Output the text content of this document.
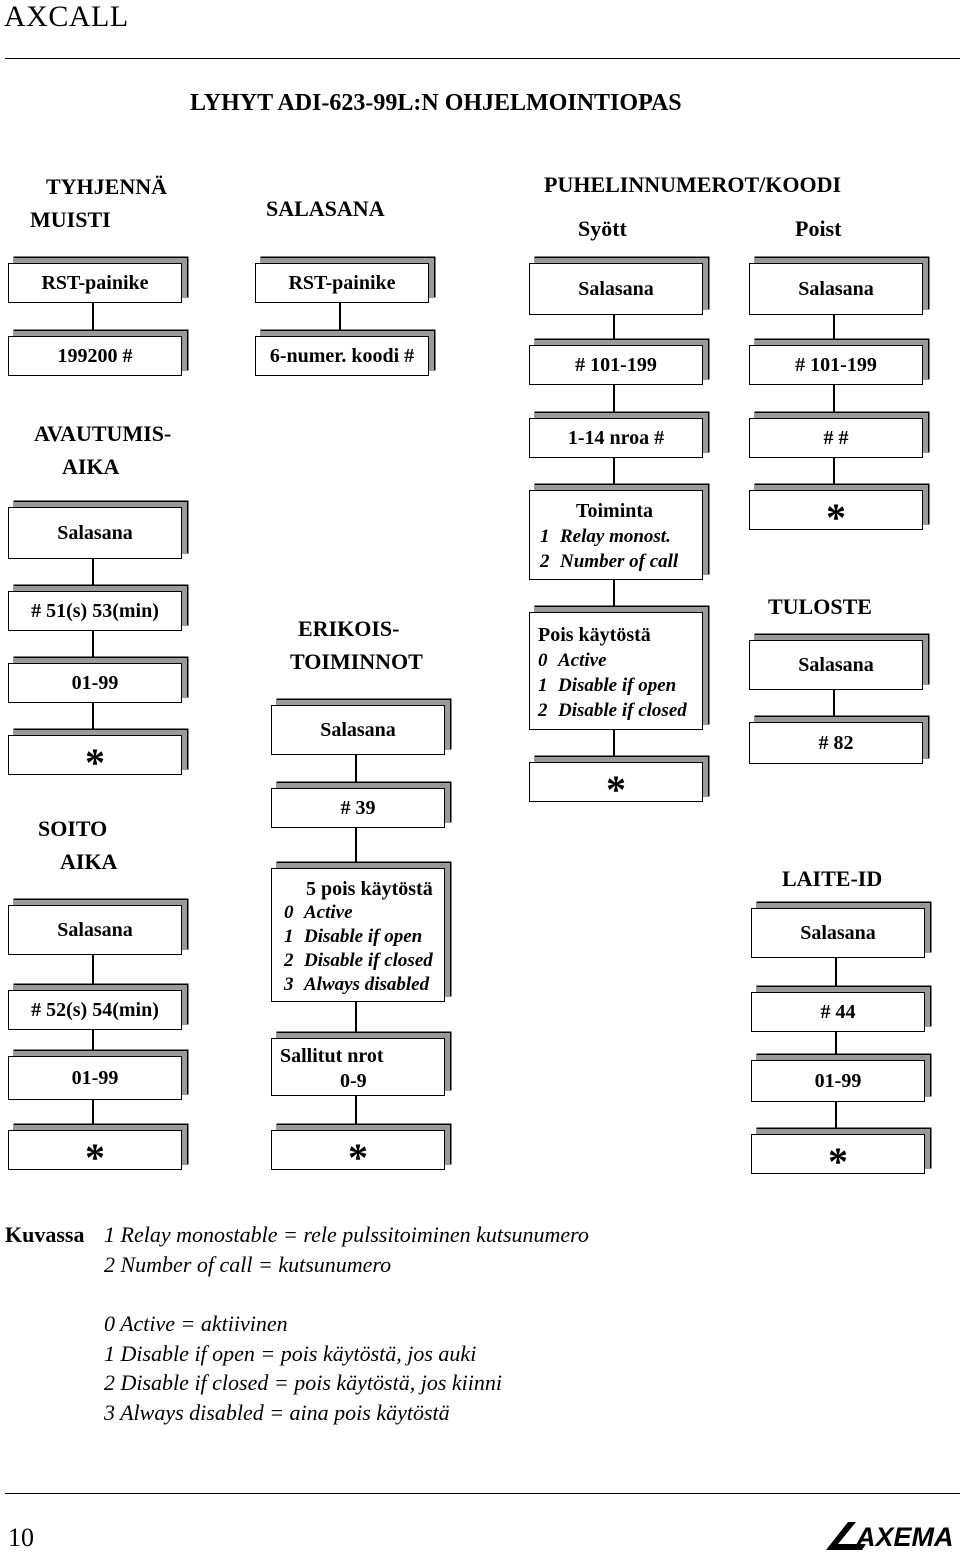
AXCALL
LYHYT ADI-623-99L:N OHJELMOINTIOPAS
TYHJENNÄ
MUISTI	SALASANA
PUHELINNUMEROT/KOODI
Syött	Poist
RST-painike
199200 #
AVAUTUMIS-
AIKA
Salasana
# 51(s) 53(min)
01-99
*
SOITO
AIKA
Salasana
# 52(s) 54(min)
01-99
*
RST-painike
6-numer. koodi #
ERIKOIS-
TOIMINNOT
Salasana
# 39
5 pois käytöstä
0 Active
1 Disable if open
2 Disable if closed
3 Always disabled
Sallitut nrot
0-9
*
Salasana
# 101-199
1-14 nroa #
Toiminta
1 Relay monost.
2 Number of call
Pois käytöstä
0 Active
1 Disable if open
2 Disable if closed
*
Salasana
# 101-199
# #
*
TULOSTE
Salasana
# 82
LAITE-ID
Salasana
# 44
01-99
*
Kuvassa 1 Relay monostable = rele pulssitoiminen kutsunumero
2 Number of call = kutsunumero
0 Active = aktiivinen
1 Disable if open = pois käytöstä, jos auki
2 Disable if closed = pois käytöstä, jos kiinni
3 Always disabled = aina pois käytöstä
10	AXEMA
